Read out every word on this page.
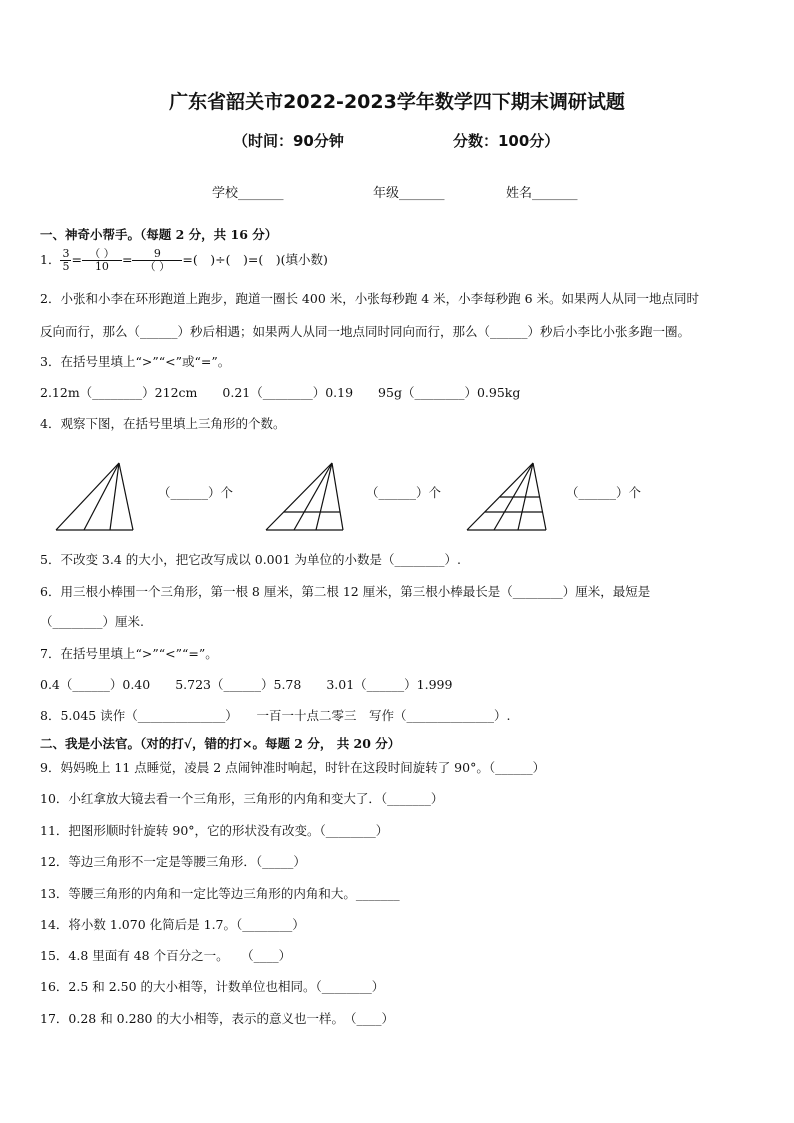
广东省韶关市2022-2023学年数学四下期末调研试题
（时间：90分钟	分数：100分）
学校_______	年级_______	姓名_______
一、神奇小帮手。（每题 2 分，共 16 分）
1． $\frac{3}{5} = \frac{( )}{10} = \frac{9}{( )}$ =(　)÷(　)=(　)(填小数)
2．小张和小李在环形跑道上跑步，跑道一圈长 400 米，小张每秒跑 4 米，小李每秒跑 6 米。如果两人从同一地点同时
反向而行，那么（______）秒后相遇；如果两人从同一地点同时同向而行，那么（______）秒后小李比小张多跑一圈。
3．在括号里填上“>”“<”或“=”。
2.12m（________）212cm　　0.21（________）0.19　　95g（________）0.95kg
4．观察下图，在括号里填上三角形的个数。
（______）个	（______）个	（______）个
5．不改变 3.4 的大小，把它改写成以 0.001 为单位的小数是（________）.
6．用三根小棒围一个三角形，第一根 8 厘米，第二根 12 厘米，第三根小棒最长是（________）厘米，最短是
（________）厘米.
7．在括号里填上“>”“<”“=”。
0.4（______）0.40　　5.723（______）5.78　　3.01（______）1.999
8．5.045 读作（______________）　　一百一十点二零三　写作（______________）.
二、我是小法官。（对的打√，错的打×。每题 2 分， 共 20 分）
9．妈妈晚上 11 点睡觉，凌晨 2 点闹钟准时响起，时针在这段时间旋转了 90°。（______）
10．小红拿放大镜去看一个三角形，三角形的内角和变大了．（_______）
11．把图形顺时针旋转 90°，它的形状没有改变。（________）
12．等边三角形不一定是等腰三角形．（_____）
13．等腰三角形的内角和一定比等边三角形的内角和大。_______
14．将小数 1.070 化简后是 1.7。（________）
15．4.8 里面有 48 个百分之一。　　（____）
16．2.5 和 2.50 的大小相等，计数单位也相同。（________）
17．0.28 和 0.280 的大小相等，表示的意义也一样。　（____）
